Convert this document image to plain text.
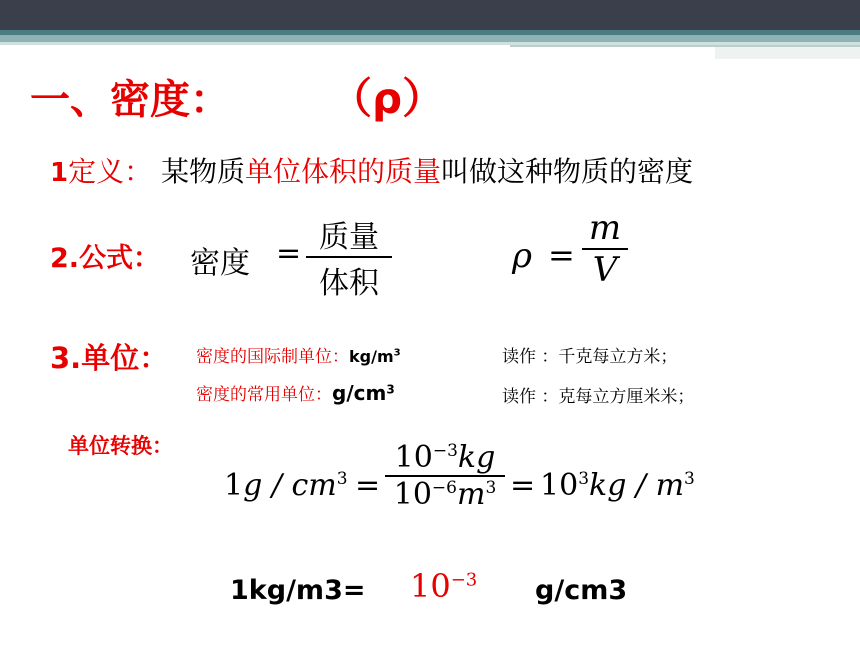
一、密度： （ρ）
1定义： 某物质单位体积的质量叫做这种物质的密度
2.公式： 密度 = 质量
体积
ρ =
m
V
3.单位： 密度的国际制单位：$kg/m^3$	读作 ：千克每立方米；
密度的常用单位：$g/cm^3$	读作 ：克每立方厘米米；
单位转换：
$1g / cm^3$ =
$10^{-3}kg$
$10^{-6}m^3 = 10^3kg / m^3$
$1kg/m3= 10^{-3}$ g/cm3
